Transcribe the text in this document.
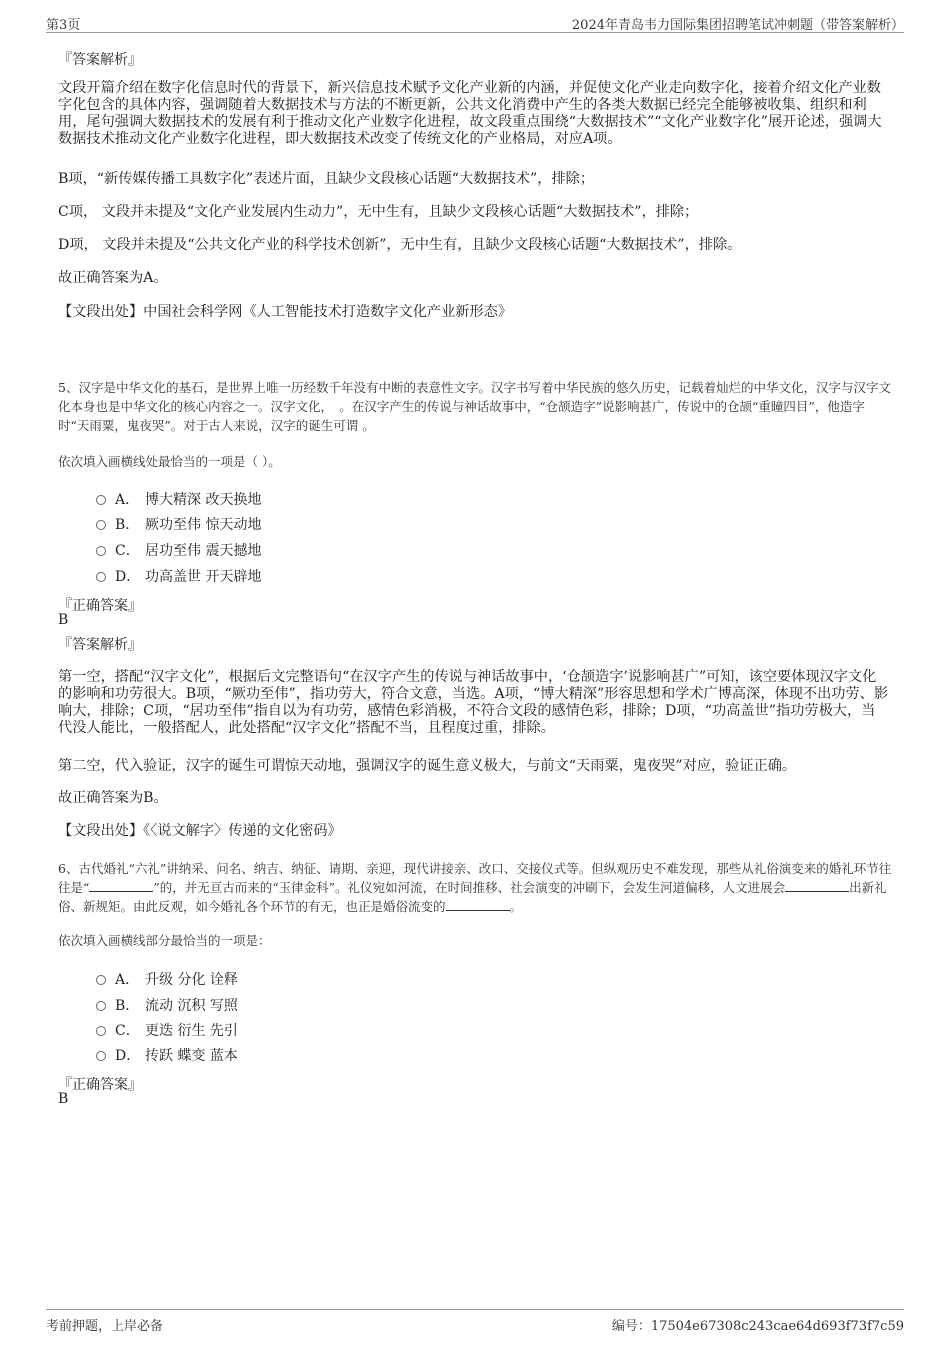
第3页	2024年青岛韦力国际集团招聘笔试冲刺题（带答案解析）
『答案解析』
文段开篇介绍在数字化信息时代的背景下，新兴信息技术赋予文化产业新的内涵，并促使文化产业走向数字化，接着介绍文化产业数字化包含的具体内容，强调随着大数据技术与方法的不断更新，公共文化消费中产生的各类大数据已经完全能够被收集、组织和利用，尾句强调大数据技术的发展有利于推动文化产业数字化进程，故文段重点围绕“大数据技术”“文化产业数字化”展开论述，强调大数据技术推动文化产业数字化进程，即大数据技术改变了传统文化的产业格局，对应A项。
B项，“新传媒传播工具数字化”表述片面，且缺少文段核心话题“大数据技术”，排除；
C项， 文段并未提及“文化产业发展内生动力”，无中生有，且缺少文段核心话题“大数据技术”，排除；
D项， 文段并未提及“公共文化产业的科学技术创新”，无中生有，且缺少文段核心话题“大数据技术”，排除。
故正确答案为A。
【文段出处】中国社会科学网《人工智能技术打造数字文化产业新形态》
5、汉字是中华文化的基石，是世界上唯一历经数千年没有中断的表意性文字。汉字书写着中华民族的悠久历史，记载着灿烂的中华文化，汉字与汉字文化本身也是中华文化的核心内容之一。汉字文化，　。在汉字产生的传说与神话故事中，“仓颉造字”说影响甚广，传说中的仓颉“重瞳四目”，他造字时“天雨粟，鬼夜哭”。对于古人来说，汉字的诞生可谓 。
依次填入画横线处最恰当的一项是（ ）。
A． 博大精深 改天换地
B． 厥功至伟 惊天动地
C． 居功至伟 震天撼地
D． 功高盖世 开天辟地
『正确答案』
B
『答案解析』
第一空，搭配“汉字文化”，根据后文完整语句“在汉字产生的传说与神话故事中，‘仓颉造字’说影响甚广”可知，该空要体现汉字文化的影响和功劳很大。B项，“厥功至伟”，指功劳大，符合文意，当选。A项，“博大精深”形容思想和学术广博高深，体现不出功劳、影响大，排除；C项，“居功至伟”指自以为有功劳，感情色彩消极，不符合文段的感情色彩，排除；D项，“功高盖世”指功劳极大，当代没人能比，一般搭配人，此处搭配“汉字文化”搭配不当，且程度过重，排除。
第二空，代入验证，汉字的诞生可谓惊天动地，强调汉字的诞生意义极大，与前文“天雨粟，鬼夜哭”对应，验证正确。
故正确答案为B。
【文段出处】《〈说文解字〉传递的文化密码》
6、古代婚礼“六礼”讲纳采、问名、纳吉、纳征、请期、亲迎，现代讲接亲、改口、交接仪式等。但纵观历史不难发现，那些从礼俗演变来的婚礼环节往往是“	”的，并无亘古而来的“玉律金科”。礼仪宛如河流，在时间推移、社会演变的冲刷下，会发生河道偏移，人文进展会	出新礼俗、新规矩。由此反观，如今婚礼各个环节的有无，也正是婚俗流变的	。
依次填入画横线部分最恰当的一项是：
A． 升级 分化 诠释
B． 流动 沉积 写照
C． 更迭 衍生 先引
D． 抟跃 蝶变 蓝本
『正确答案』
B
考前押题，上岸必备	编号：17504e67308c243cae64d693f73f7c59
